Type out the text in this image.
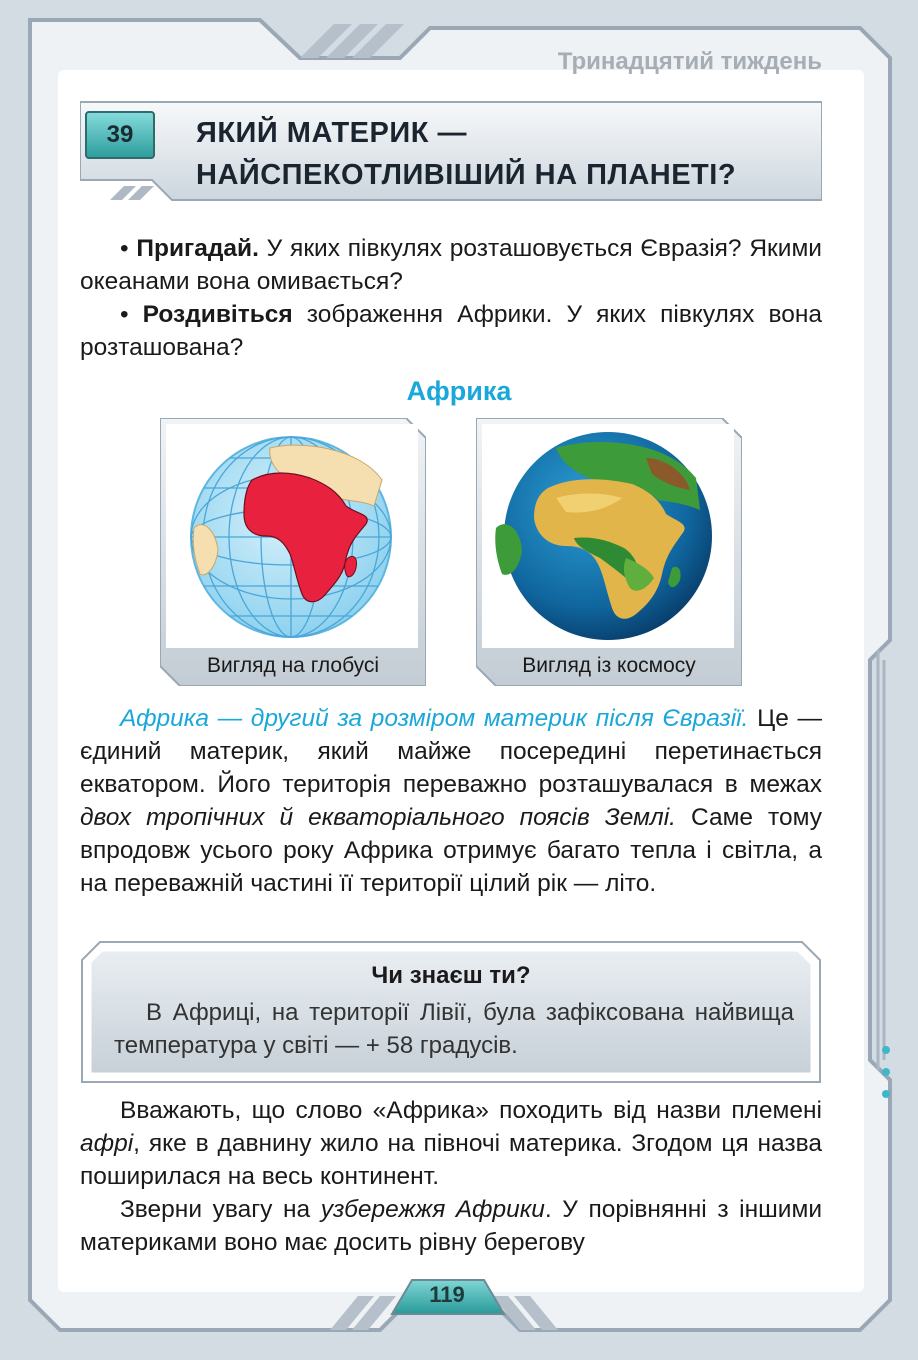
Тринадцятий тиждень
39	ЯКИЙ МАТЕРИК —
НАЙСПЕКОТЛИВІШИЙ НА ПЛАНЕТІ?

• Пригадай. У яких півкулях розташовується Євразія? Якими океанами вона омивається?

• Роздивіться зображення Африки. У яких півкулях вона розташована?

Африка
Вигляд на глобусі	Вигляд із космосу

Африка — другий за розміром материк після Євразії. Це — єдиний материк, який майже посередині перетинається екватором. Його територія переважно розташувалася в межах двох тропічних й екваторіального поясів Землі. Саме тому впродовж усього року Африка отримує багато тепла і світла, а на переважній частині її території цілий рік — літо.

Чи знаєш ти?
В Африці, на території Лівії, була зафіксована найвища температура у світі — + 58 градусів.

Вважають, що слово «Африка» походить від назви племені афрі, яке в давнину жило на півночі материка. Згодом ця назва поширилася на весь континент.

Зверни увагу на узбережжя Африки. У порівнянні з іншими материками воно має досить рівну берегову

119
